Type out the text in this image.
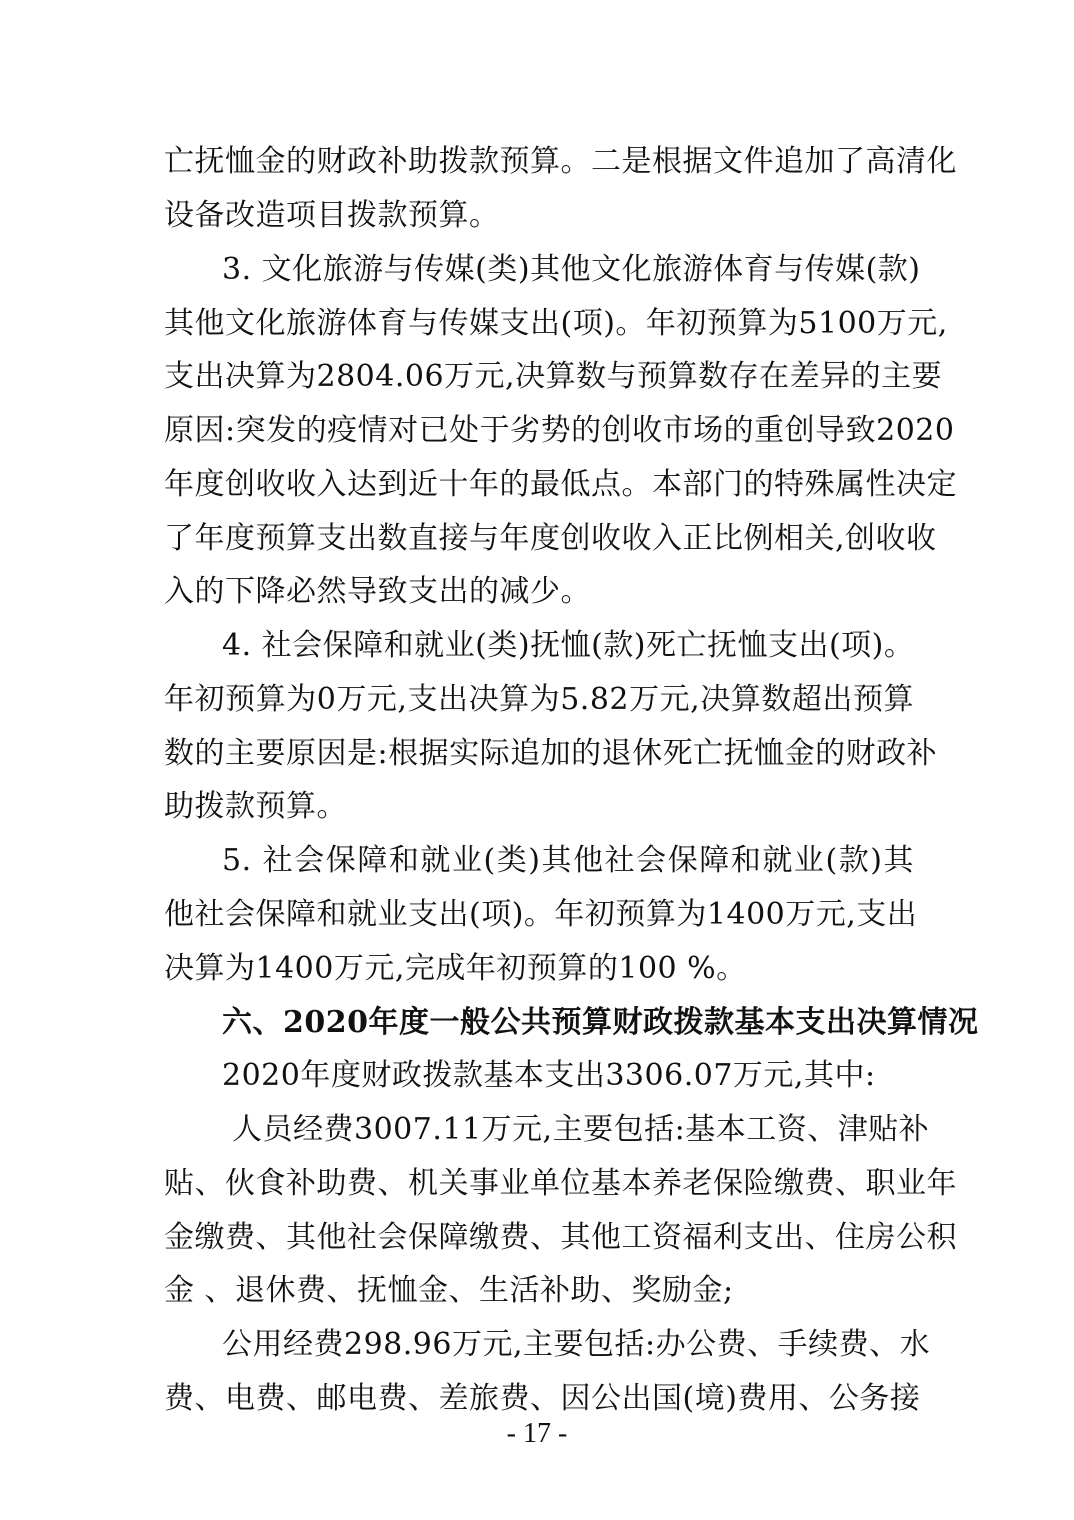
亡抚恤金的财政补助拨款预算。二是根据文件追加了高清化
设备改造项目拨款预算。
3. 文化旅游与传媒(类)其他文化旅游体育与传媒(款)
其他文化旅游体育与传媒支出(项)。年初预算为5100万元,
支出决算为2804.06万元,决算数与预算数存在差异的主要
原因:突发的疫情对已处于劣势的创收市场的重创导致2020
年度创收收入达到近十年的最低点。本部门的特殊属性决定
了年度预算支出数直接与年度创收收入正比例相关,创收收
入的下降必然导致支出的减少。
4. 社会保障和就业(类)抚恤(款)死亡抚恤支出(项)。
年初预算为0万元,支出决算为5.82万元,决算数超出预算
数的主要原因是:根据实际追加的退休死亡抚恤金的财政补
助拨款预算。
5. 社会保障和就业(类)其他社会保障和就业(款)其
他社会保障和就业支出(项)。年初预算为1400万元,支出
决算为1400万元,完成年初预算的100 %。
六、2020年度一般公共预算财政拨款基本支出决算情况
2020年度财政拨款基本支出3306.07万元,其中:
人员经费3007.11万元,主要包括:基本工资、津贴补
贴、伙食补助费、机关事业单位基本养老保险缴费、职业年
金缴费、其他社会保障缴费、其他工资福利支出、住房公积
金 、退休费、抚恤金、生活补助、奖励金;
公用经费298.96万元,主要包括:办公费、手续费、水
费、电费、邮电费、差旅费、因公出国(境)费用、公务接
- 17 -
